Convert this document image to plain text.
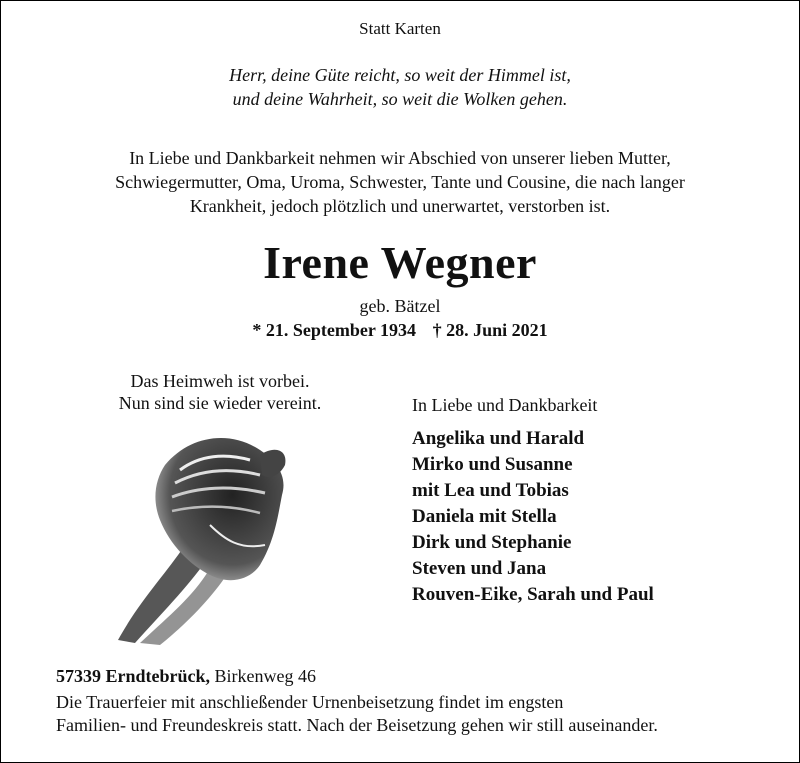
Statt Karten
Herr, deine Güte reicht, so weit der Himmel ist,
und deine Wahrheit, so weit die Wolken gehen.
In Liebe und Dankbarkeit nehmen wir Abschied von unserer lieben Mutter,
Schwiegermutter, Oma, Uroma, Schwester, Tante und Cousine, die nach langer
Krankheit, jedoch plötzlich und unerwartet, verstorben ist.
Irene Wegner
geb. Bätzel
* 21. September 1934 † 28. Juni 2021
Das Heimweh ist vorbei.
Nun sind sie wieder vereint.	In Liebe und Dankbarkeit
Angelika und Harald
Mirko und Susanne
mit Lea und Tobias
Daniela mit Stella
Dirk und Stephanie
Steven und Jana
Rouven-Eike, Sarah und Paul
57339 Erndtebrück, Birkenweg 46
Die Trauerfeier mit anschließender Urnenbeisetzung findet im engsten
Familien- und Freundeskreis statt. Nach der Beisetzung gehen wir still auseinander.
